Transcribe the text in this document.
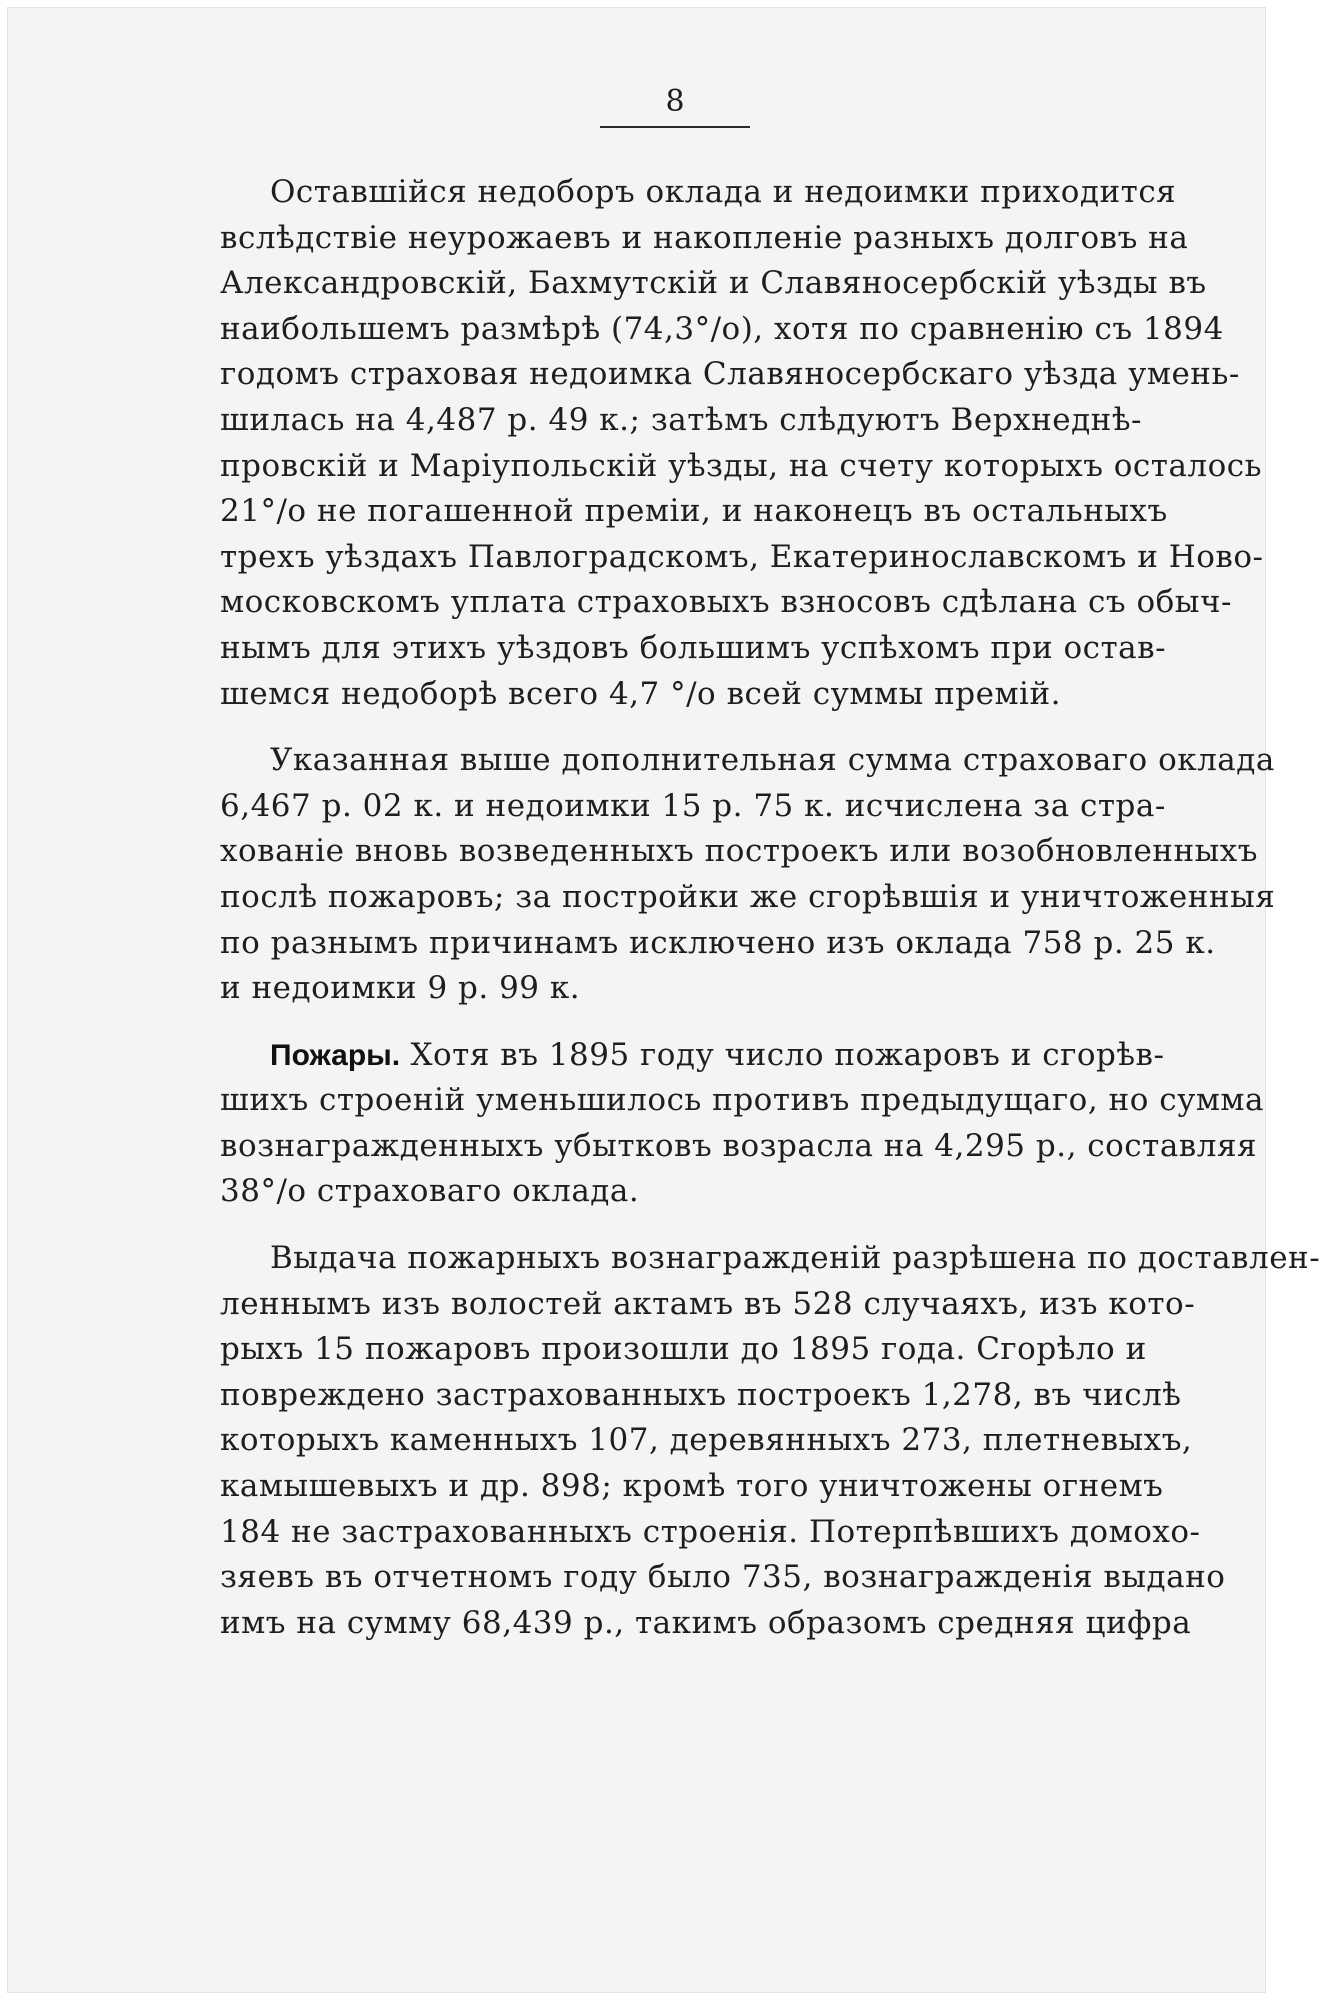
8

Оставшійся недоборъ оклада и недоимки приходится
вслѣдствіе неурожаевъ и накопленіе разныхъ долговъ на
Александровскій, Бахмутскій и Славяносербскій уѣзды въ
наибольшемъ размѣрѣ (74,3°/o), хотя по сравненію съ 1894
годомъ страховая недоимка Славяносербскаго уѣзда умень-
шилась на 4,487 р. 49 к.; затѣмъ слѣдуютъ Верхнеднѣ-
провскій и Маріупольскій уѣзды, на счету которыхъ осталось
21°/o не погашенной преміи, и наконецъ въ остальныхъ
трехъ уѣздахъ Павлоградскомъ, Екатеринославскомъ и Ново-
московскомъ уплата страховыхъ взносовъ сдѣлана съ обыч-
нымъ для этихъ уѣздовъ большимъ успѣхомъ при остав-
шемся недоборѣ всего 4,7 °/o всей суммы премій.

Указанная выше дополнительная сумма страховаго оклада
6,467 р. 02 к. и недоимки 15 р. 75 к. исчислена за стра-
хованіе вновь возведенныхъ построекъ или возобновленныхъ
послѣ пожаровъ; за постройки же сгорѣвшія и уничтоженныя
по разнымъ причинамъ исключено изъ оклада 758 р. 25 к.
и недоимки 9 р. 99 к.

Пожары. Хотя въ 1895 году число пожаровъ и сгорѣв-
шихъ строеній уменьшилось противъ предыдущаго, но сумма
вознагражденныхъ убытковъ возрасла на 4,295 р., составляя
38°/o страховаго оклада.

Выдача пожарныхъ вознагражденій разрѣшена по доставлен-
леннымъ изъ волостей актамъ въ 528 случаяхъ, изъ кото-
рыхъ 15 пожаровъ произошли до 1895 года. Сгорѣло и
повреждено застрахованныхъ построекъ 1,278, въ числѣ
которыхъ каменныхъ 107, деревянныхъ 273, плетневыхъ,
камышевыхъ и др. 898; кромѣ того уничтожены огнемъ
184 не застрахованныхъ строенія. Потерпѣвшихъ домохо-
зяевъ въ отчетномъ году было 735, вознагражденія выдано
имъ на сумму 68,439 р., такимъ образомъ средняя цифра
